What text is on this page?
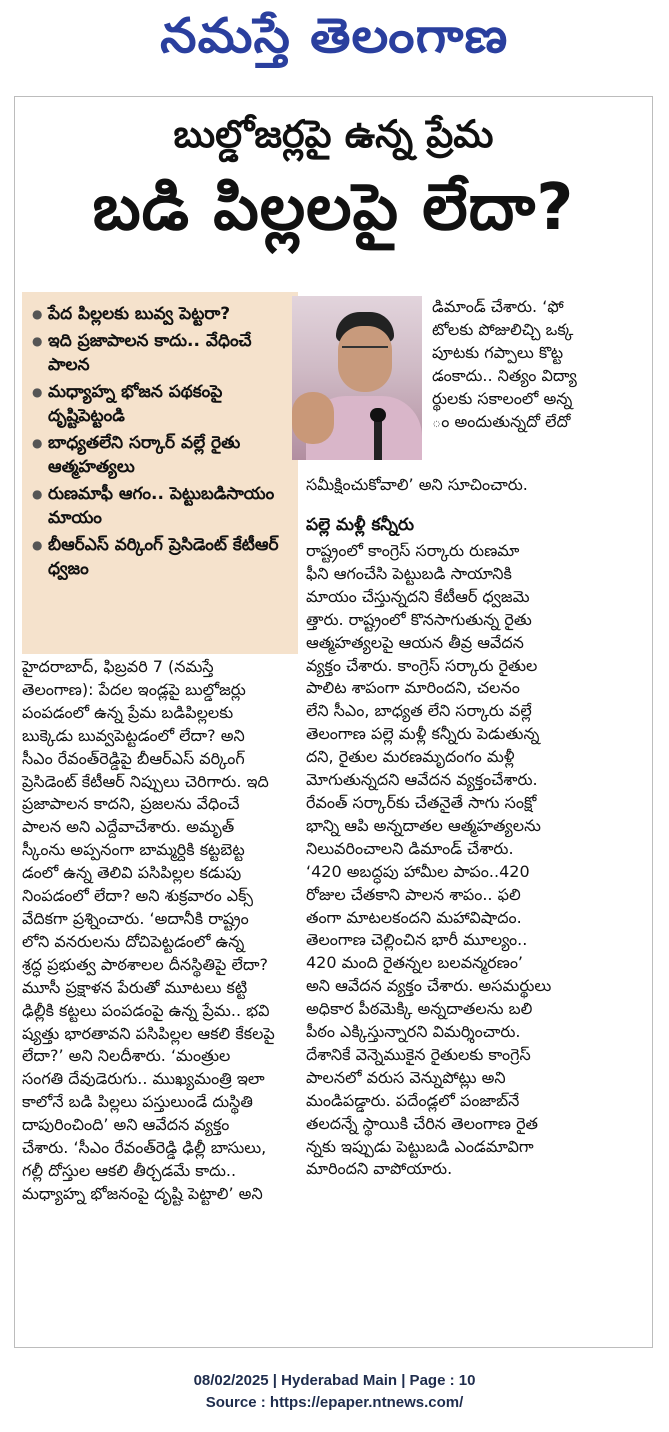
నమస్తే తెలంగాణ
బుల్డోజర్లపై ఉన్న ప్రేమ
బడి పిల్లలపై లేదా?
● పేద పిల్లలకు బువ్వ పెట్టరా?
● ఇది ప్రజాపాలన కాదు.. వేధించే పాలన
● మధ్యాహ్న భోజన పథకంపై దృష్టిపెట్టండి
● బాధ్యతలేని సర్కార్ వల్లే రైతు ఆత్మహత్యలు
● రుణమాఫీ ఆగం.. పెట్టుబడిసాయం మాయం
● బీఆర్ఎస్ వర్కింగ్ ప్రెసిడెంట్ కేటీఆర్ ధ్వజం
హైదరాబాద్, ఫిబ్రవరి 7 (నమస్తే
తెలంగాణ): పేదల ఇండ్లపై బుల్డోజర్లు
పంపడంలో ఉన్న ప్రేమ బడిపిల్లలకు
బుక్కెడు బువ్వపెట్టడంలో లేదా? అని
సీఎం రేవంత్‌రెడ్డిపై బీఆర్ఎస్ వర్కింగ్
ప్రెసిడెంట్ కేటీఆర్ నిప్పులు చెరిగారు. ఇది
ప్రజాపాలన కాదని, ప్రజలను వేధించే
పాలన అని ఎద్దేవాచేశారు. అమృత్
స్కీంను అప్పనంగా బామ్మర్దికి కట్టబెట్ట
డంలో ఉన్న తెలివి పసిపిల్లల కడుపు
నింపడంలో లేదా? అని శుక్రవారం ఎక్స్
వేదికగా ప్రశ్నించారు. ‘అదానీకి రాష్ట్రం
లోని వనరులను దోచిపెట్టడంలో ఉన్న
శ్రద్ధ ప్రభుత్వ పాఠశాలల దీనస్థితిపై లేదా?
మూసీ ప్రక్షాళన పేరుతో మూటలు కట్టి
ఢిల్లీకి కట్టలు పంపడంపై ఉన్న ప్రేమ.. భవి
ష్యత్తు భారతావని పసిపిల్లల ఆకలి కేకలపై
లేదా?’ అని నిలదీశారు. ‘మంత్రుల
సంగతి దేవుడెరుగు.. ముఖ్యమంత్రి ఇలా
కాలోనే బడి పిల్లలు పస్తులుండే దుస్థితి
దాపురించింది’ అని ఆవేదన వ్యక్తం
చేశారు. ‘సీఎం రేవంత్‌రెడ్డి ఢిల్లీ బాసులు,
గల్లీ దోస్తుల ఆకలి తీర్చడమే కాదు..
మధ్యాహ్న భోజనంపై దృష్టి పెట్టాలి’ అని
డిమాండ్ చేశారు. ‘ఫో
టోలకు పోజులిచ్చి ఒక్క
పూటకు గప్పాలు కొట్ట
డంకాదు.. నిత్యం విద్యా
ర్థులకు సకాలంలో అన్న
ం అందుతున్నదో లేదో
సమీక్షించుకోవాలి’ అని సూచించారు.
పల్లె మళ్లీ కన్నీరు
రాష్ట్రంలో కాంగ్రెస్ సర్కారు రుణమా
ఫీని ఆగంచేసి పెట్టుబడి సాయానికి
మాయం చేస్తున్నదని కేటీఆర్ ధ్వజమె
త్తారు. రాష్ట్రంలో కొనసాగుతున్న రైతు
ఆత్మహత్యలపై ఆయన తీవ్ర ఆవేదన
వ్యక్తం చేశారు. కాంగ్రెస్ సర్కారు రైతుల
పాలిట శాపంగా మారిందని, చలనం
లేని సీఎం, బాధ్యత లేని సర్కారు వల్లే
తెలంగాణ పల్లె మళ్లీ కన్నీరు పెడుతున్న
దని, రైతుల మరణమృదంగం మళ్లీ
మోగుతున్నదని ఆవేదన వ్యక్తంచేశారు.
రేవంత్ సర్కార్‌కు చేతనైతే సాగు సంక్షో
భాన్ని ఆపి అన్నదాతల ఆత్మహత్యలను
నిలువరించాలని డిమాండ్ చేశారు.
‘420 అబద్ధపు హామీల పాపం..420
రోజుల చేతకాని పాలన శాపం.. ఫలి
తంగా మాటలకందని మహావిషాదం.
తెలంగాణ చెల్లించిన భారీ మూల్యం..
420 మంది రైతన్నల బలవన్మరణం’
అని ఆవేదన వ్యక్తం చేశారు. అసమర్థులు
అధికార పీఠమెక్కి అన్నదాతలను బలి
పీఠం ఎక్కిస్తున్నారని విమర్శించారు.
దేశానికే వెన్నెముకైన రైతులకు కాంగ్రెస్
పాలనలో వరుస వెన్నుపోట్లు అని
మండిపడ్డారు. పదేండ్లలో పంజాబ్‌నే
తలదన్నే స్థాయికి చేరిన తెలంగాణ రైత
న్నకు ఇప్పుడు పెట్టుబడి ఎండమావిగా
మారిందని వాపోయారు.
08/02/2025 | Hyderabad Main | Page : 10
Source : https://epaper.ntnews.com/
